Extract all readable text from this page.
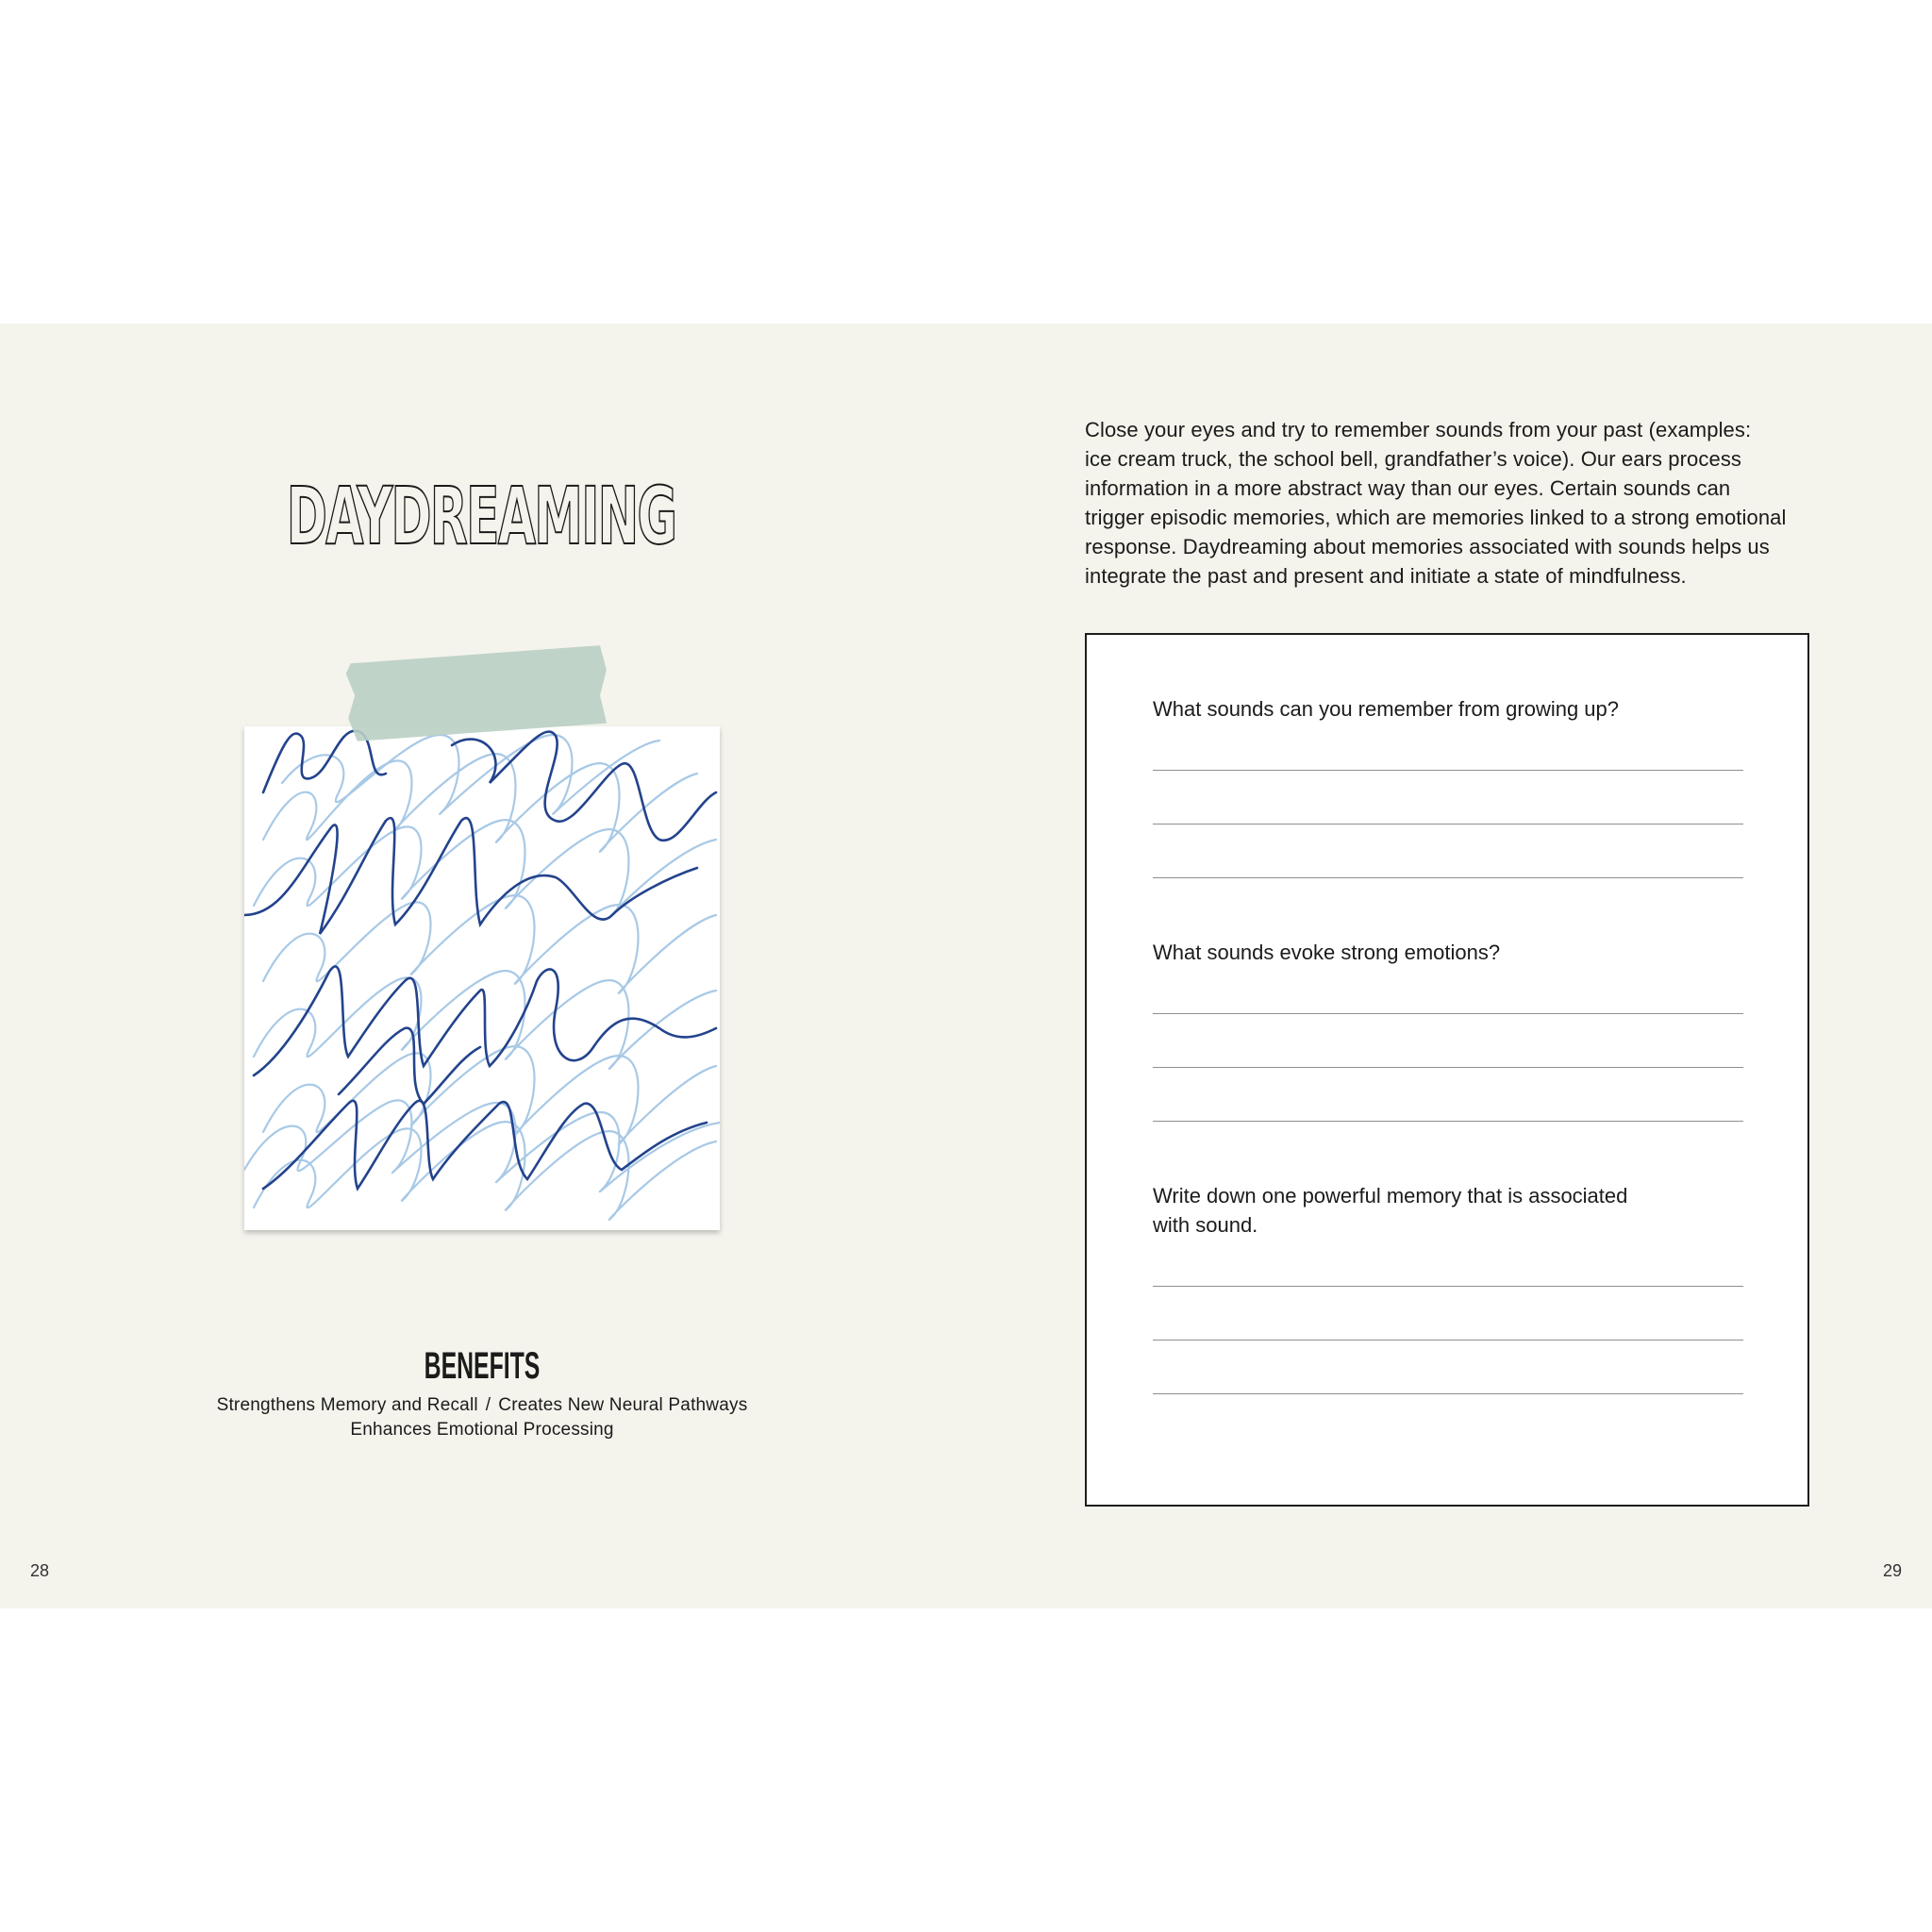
DAYDREAMING
BENEFITS
Strengthens Memory and Recall / Creates New Neural Pathways
Enhances Emotional Processing
28

Close your eyes and try to remember sounds from your past (examples:

ice cream truck, the school bell, grandfather’s voice). Our ears process

information in a more abstract way than our eyes. Certain sounds can

trigger episodic memories, which are memories linked to a strong emotional

response. Daydreaming about memories associated with sounds helps us

integrate the past and present and initiate a state of mindfulness.

What sounds can you remember from growing up?

What sounds evoke strong emotions?

Write down one powerful memory that is associated
with sound.

29
